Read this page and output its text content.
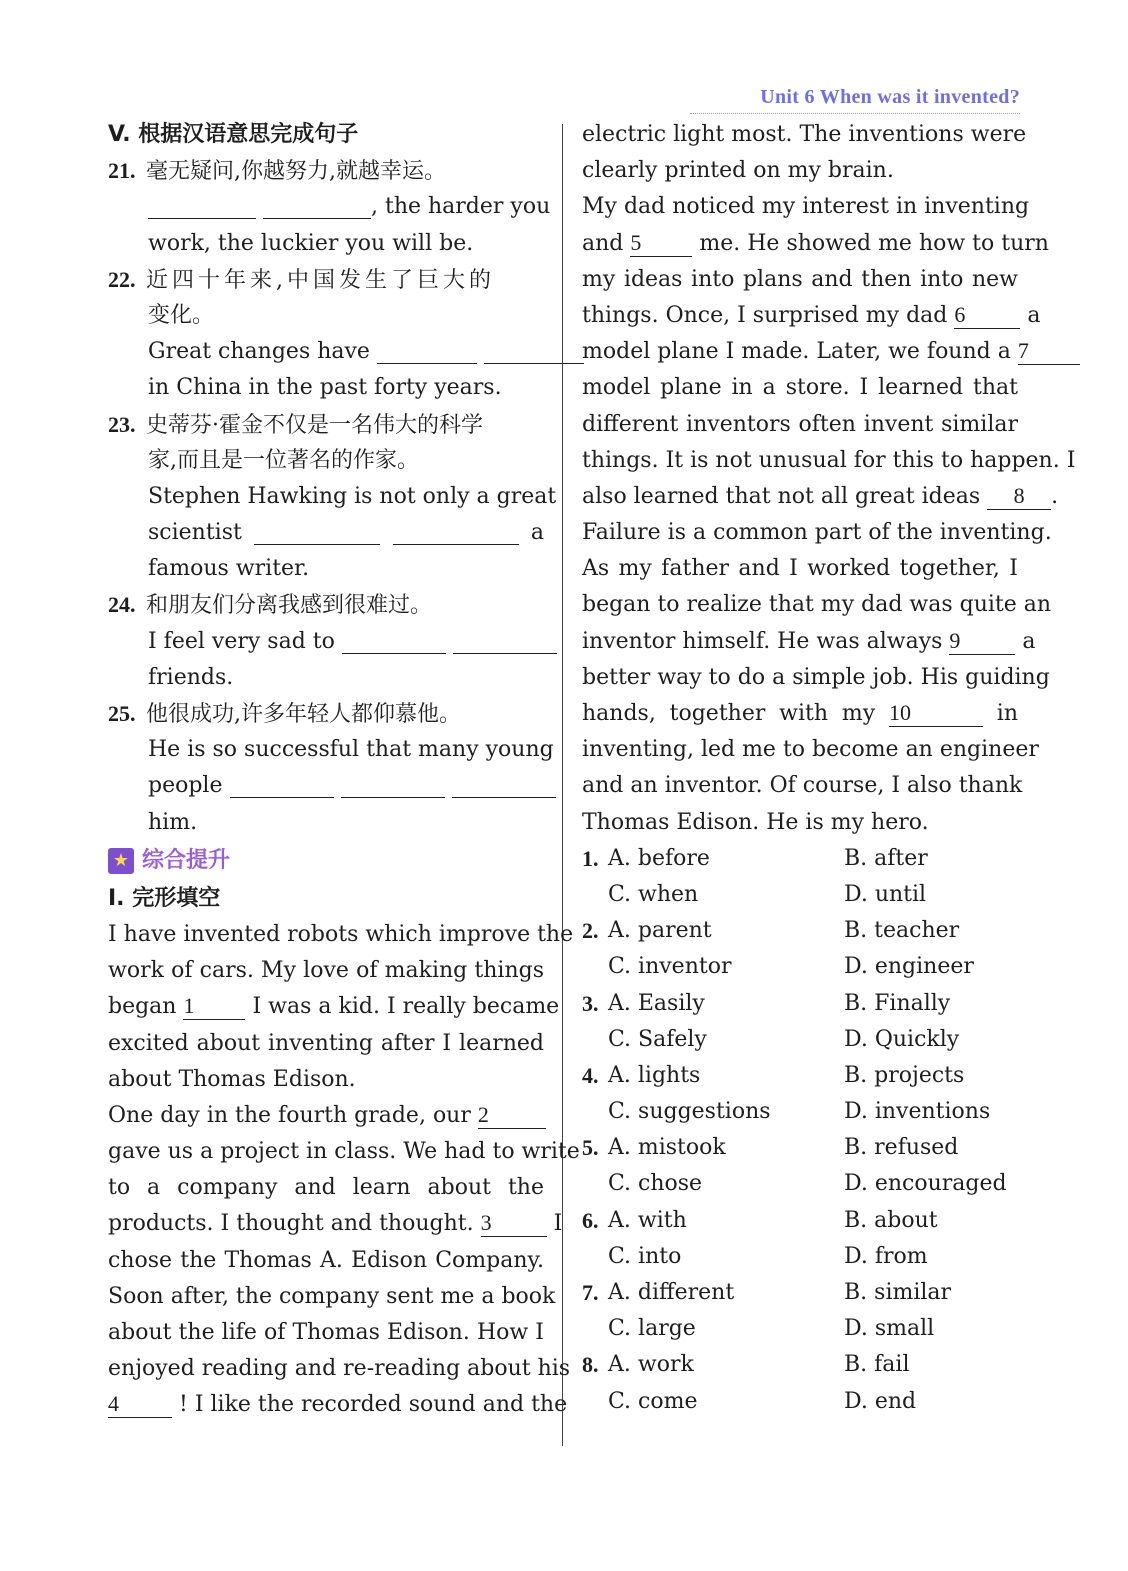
Unit 6 When was it invented?
V. 根据汉语意思完成句子
21. 毫无疑问,你越努力,就越幸运。
, the harder you
work, the luckier you will be.
22. 近四十年来,中国发生了巨大的
变化。
Great changes have
in China in the past forty years.
23. 史蒂芬·霍金不仅是一名伟大的科学
家,而且是一位著名的作家。
Stephen Hawking is not only a great
scientist	a
famous writer.
24. 和朋友们分离我感到很难过。
I feel very sad to
friends.
25. 他很成功,许多年轻人都仰慕他。
He is so successful that many young
people
him.
★ 综合提升
I. 完形填空
I have invented robots which improve the
work of cars. My love of making things
began 1	I was a kid. I really became
excited about inventing after I learned
about Thomas Edison.
One day in the fourth grade, our 2
gave us a project in class. We had to write
to a company and learn about the
products. I thought and thought. 3	I
chose the Thomas A. Edison Company.
Soon after, the company sent me a book
about the life of Thomas Edison. How I
enjoyed reading and re-reading about his
4	! I like the recorded sound and the
electric light most. The inventions were
clearly printed on my brain.
My dad noticed my interest in inventing
and 5	me. He showed me how to turn
my ideas into plans and then into new
things. Once, I surprised my dad 6	a
model plane I made. Later, we found a 7
model plane in a store. I learned that
different inventors often invent similar
things. It is not unusual for this to happen. I
also learned that not all great ideas 8 .
Failure is a common part of the inventing.
As my father and I worked together, I
began to realize that my dad was quite an
inventor himself. He was always 9	a
better way to do a simple job. His guiding
hands, together with my 10	in
inventing, led me to become an engineer
and an inventor. Of course, I also thank
Thomas Edison. He is my hero.
1. A. before	B. after
C. when	D. until
2. A. parent	B. teacher
C. inventor	D. engineer
3. A. Easily	B. Finally
C. Safely	D. Quickly
4. A. lights	B. projects
C. suggestions	D. inventions
5. A. mistook	B. refused
C. chose	D. encouraged
6. A. with	B. about
C. into	D. from
7. A. different	B. similar
C. large	D. small
8. A. work	B. fail
C. come	D. end
